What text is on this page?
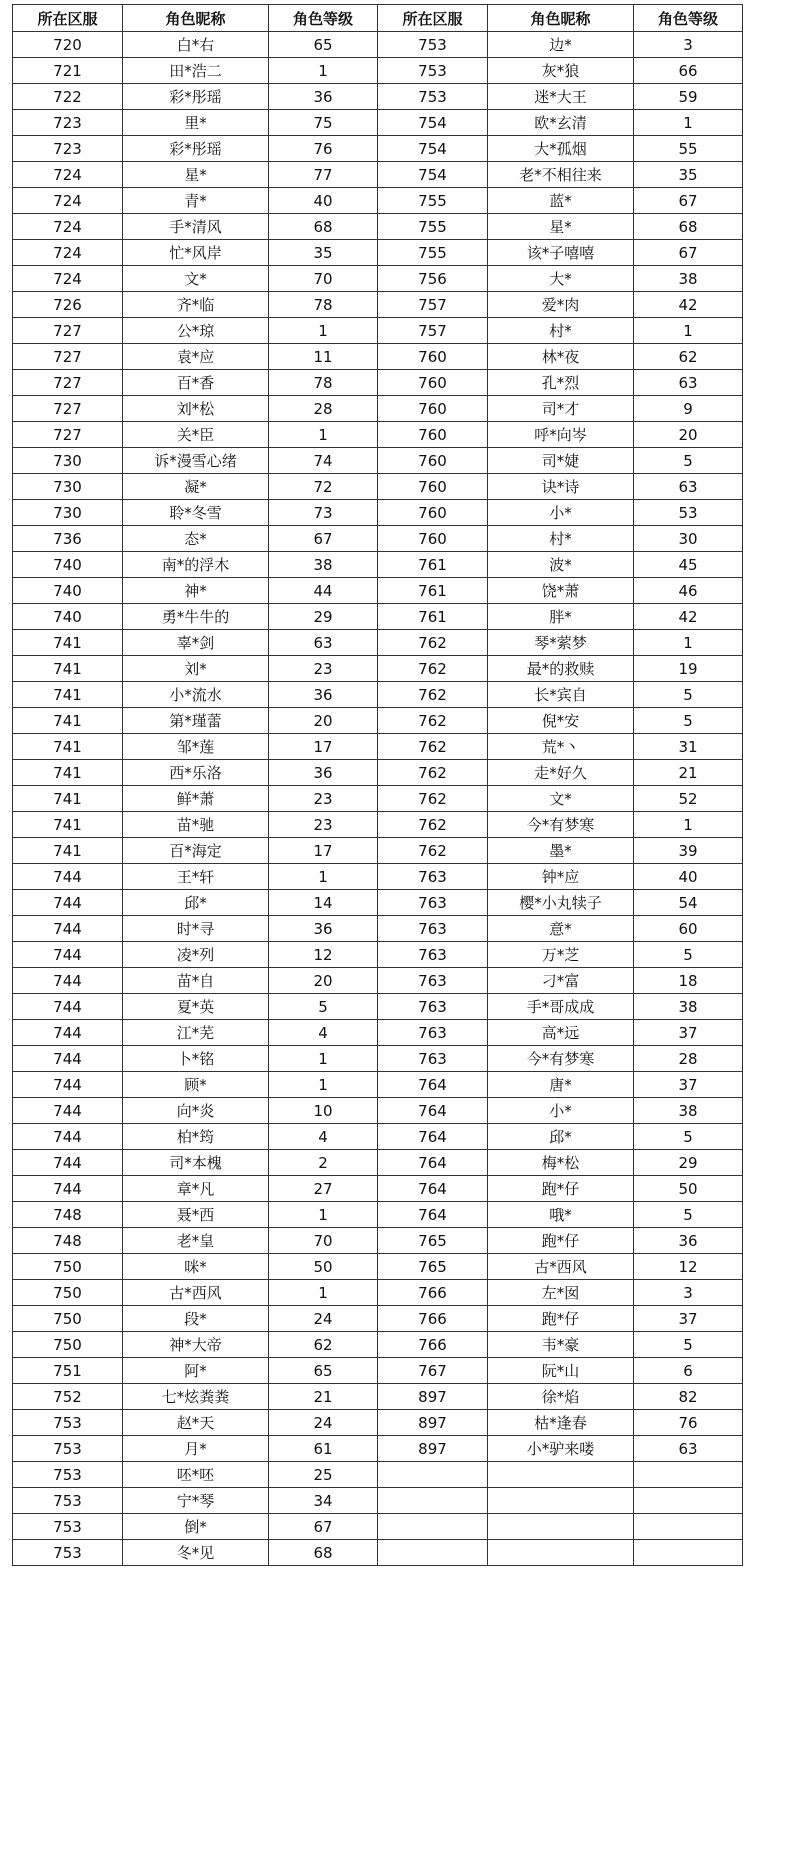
所在区服	角色昵称	角色等级	所在区服	角色昵称	角色等级
720	白*右	65	753	边*	3
721	田*浩二	1	753	灰*狼	66
722	彩*彤瑶	36	753	迷*大王	59
723	里*	75	754	欧*玄清	1
723	彩*彤瑶	76	754	大*孤烟	55
724	星*	77	754	老*不相往来	35
724	青*	40	755	蓝*	67
724	手*清风	68	755	星*	68
724	忙*风岸	35	755	该*子嘻嘻	67
724	文*	70	756	大*	38
726	齐*临	78	757	爱*肉	42
727	公*琼	1	757	村*	1
727	袁*应	11	760	林*夜	62
727	百*香	78	760	孔*烈	63
727	刘*松	28	760	司*才	9
727	关*臣	1	760	呼*向岑	20
730	诉*漫雪心绪	74	760	司*婕	5
730	凝*	72	760	诀*诗	63
730	聆*冬雪	73	760	小*	53
736	态*	67	760	村*	30
740	南*的浮木	38	761	波*	45
740	神*	44	761	饶*萧	46
740	勇*牛牛的	29	761	胖*	42
741	辜*剑	63	762	琴*萦梦	1
741	刘*	23	762	最*的救赎	19
741	小*流水	36	762	长*宾自	5
741	第*瑾蕾	20	762	倪*安	5
741	邹*莲	17	762	荒*丶	31
741	西*乐洛	36	762	走*好久	21
741	鲜*萧	23	762	文*	52
741	苗*驰	23	762	今*有梦寒	1
741	百*海定	17	762	墨*	39
744	王*轩	1	763	钟*应	40
744	邱*	14	763	樱*小丸犊子	54
744	时*寻	36	763	意*	60
744	凌*列	12	763	万*芝	5
744	苗*自	20	763	刁*富	18
744	夏*英	5	763	手*哥成成	38
744	江*芜	4	763	高*远	37
744	卜*铭	1	763	今*有梦寒	28
744	顾*	1	764	唐*	37
744	向*炎	10	764	小*	38
744	柏*筠	4	764	邱*	5
744	司*本槐	2	764	梅*松	29
744	章*凡	27	764	跑*仔	50
748	聂*西	1	764	哦*	5
748	老*皇	70	765	跑*仔	36
750	咪*	50	765	古*西风	12
750	古*西风	1	766	左*囡	3
750	段*	24	766	跑*仔	37
750	神*大帝	62	766	韦*豪	5
751	阿*	65	767	阮*山	6
752	七*炫粪粪	21	897	徐*焰	82
753	赵*天	24	897	枯*逢春	76
753	月*	61	897	小*驴来喽	63
753	呸*呸	25			
753	宁*琴	34			
753	倒*	67			
753	冬*见	68			
